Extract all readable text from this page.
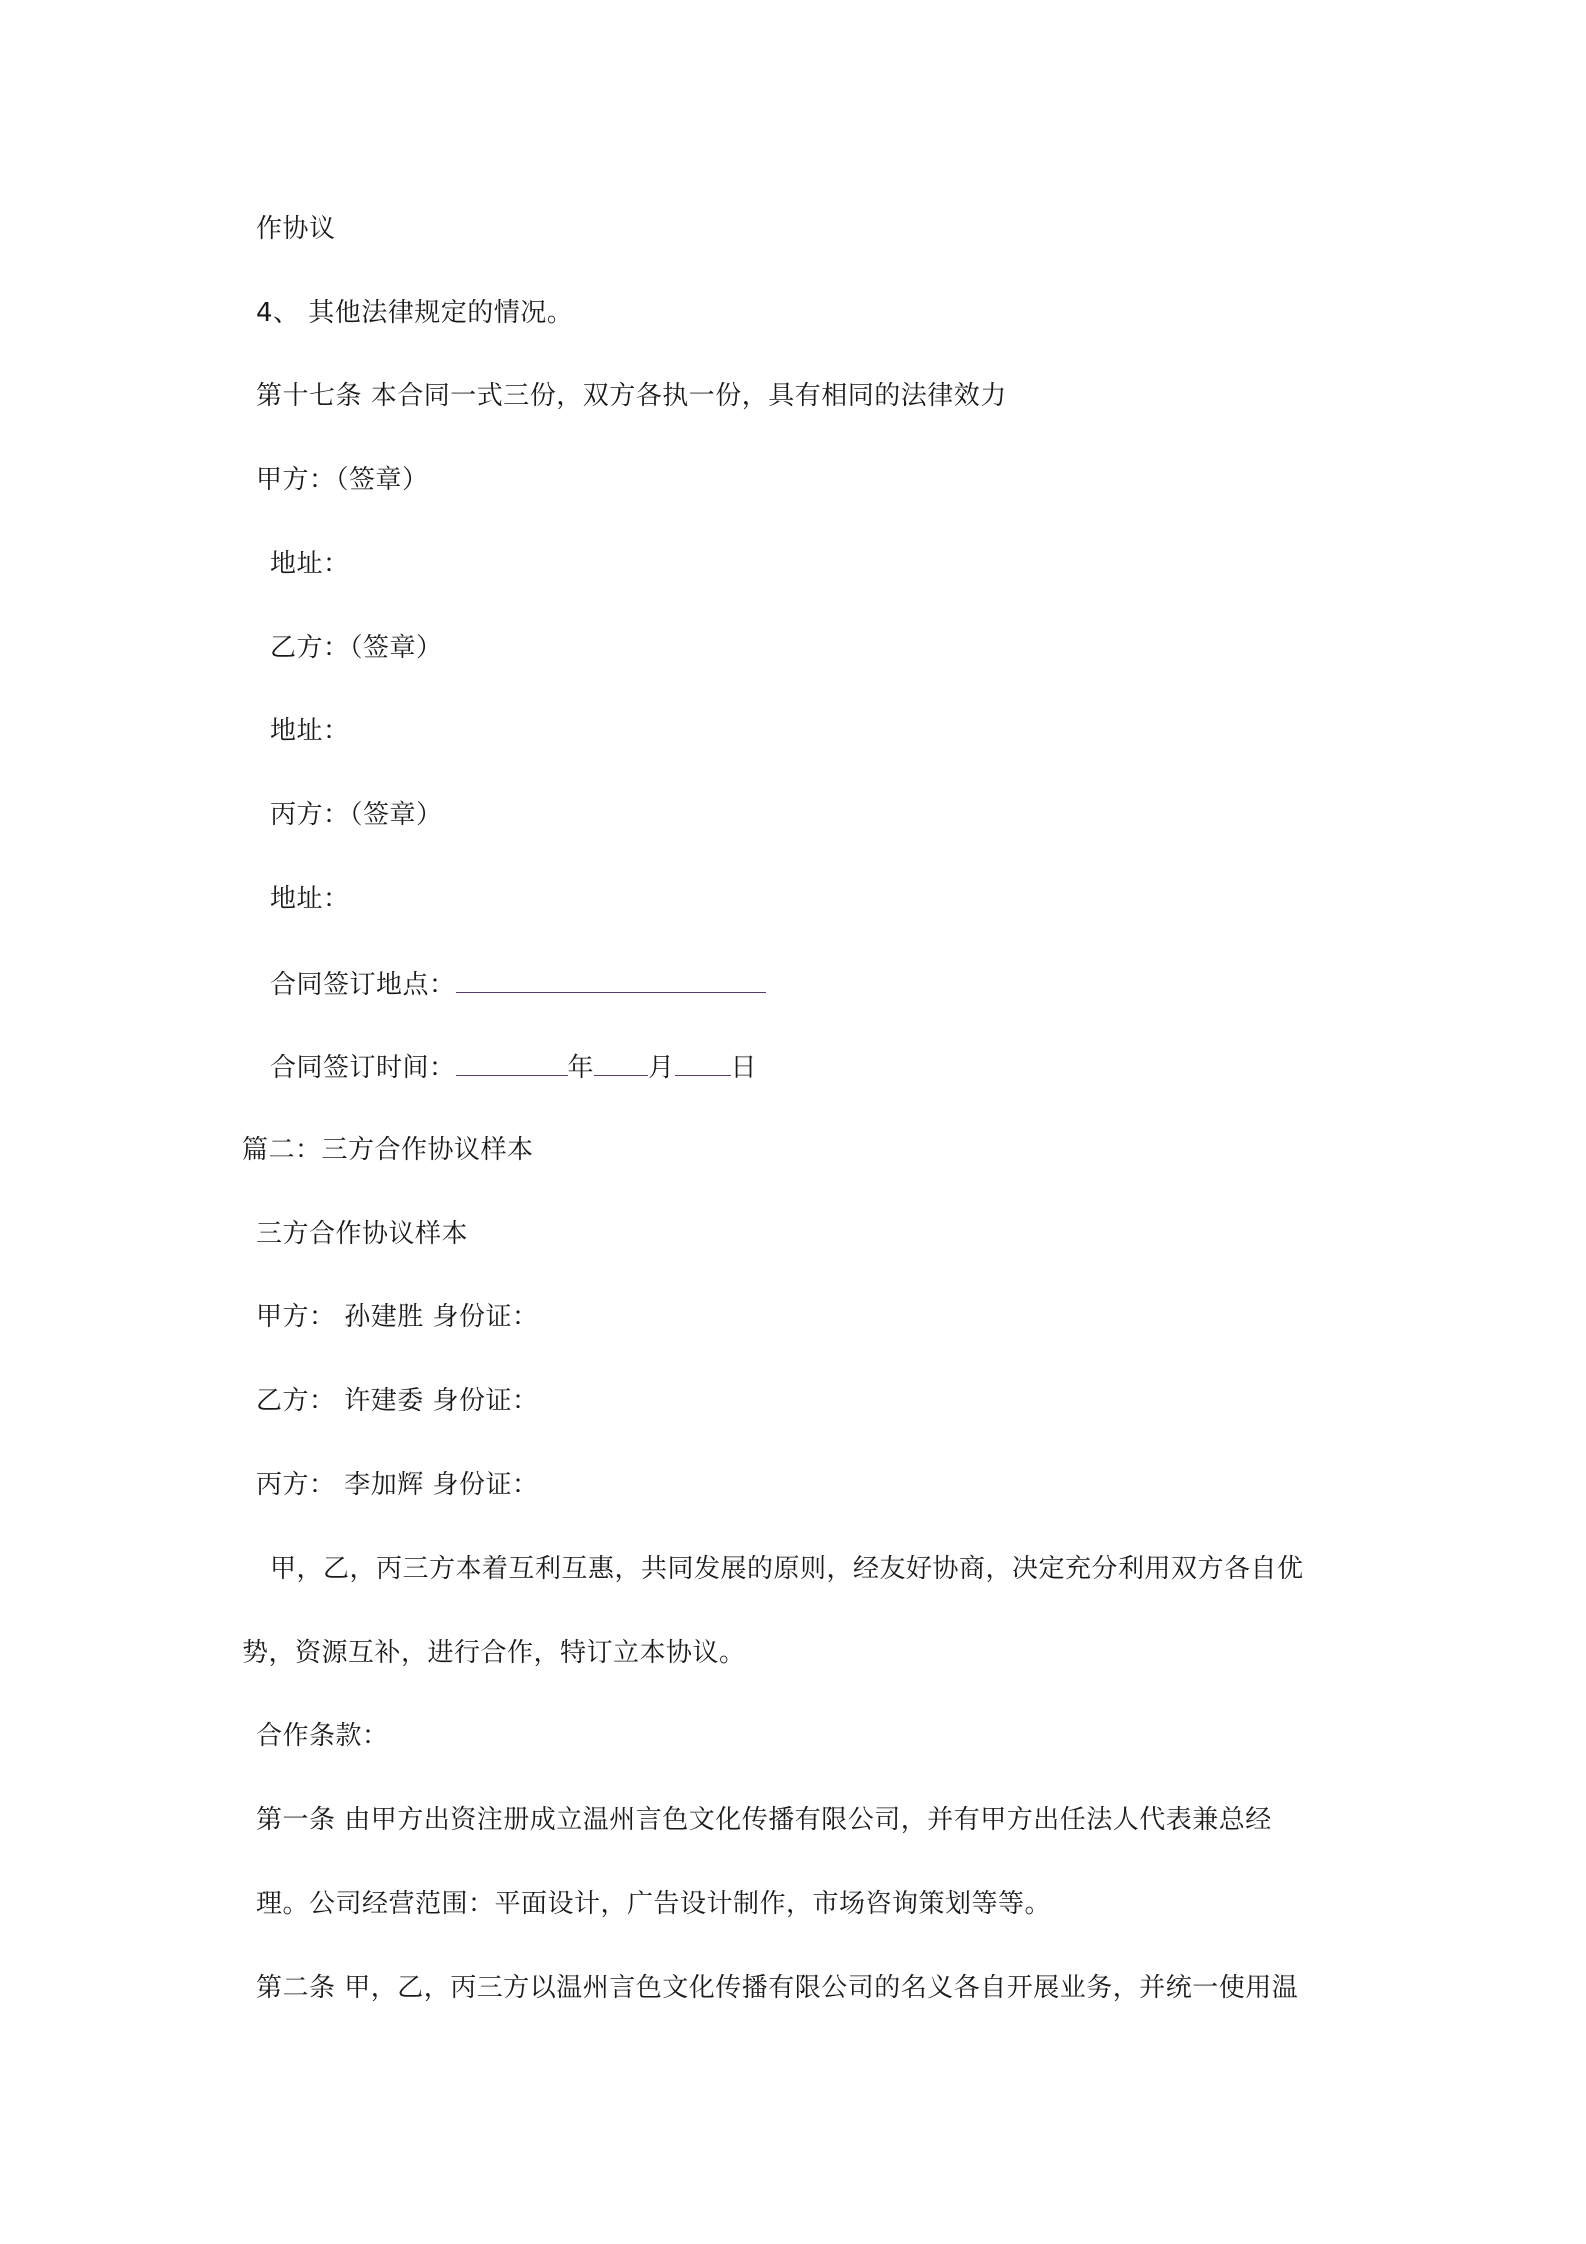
作协议
4、 其他法律规定的情况。
第十七条 本合同一式三份，双方各执一份，具有相同的法律效力
甲方：（签章）
地址：
乙方：（签章）
地址：
丙方：（签章）
地址：
合同签订地点：
合同签订时间：	年 月 日
篇二：三方合作协议样本
三方合作协议样本
甲方： 孙建胜 身份证：
乙方： 许建委 身份证：
丙方： 李加辉 身份证：
甲，乙，丙三方本着互利互惠，共同发展的原则，经友好协商，决定充分利用双方各自优
势，资源互补，进行合作，特订立本协议。
合作条款：
第一条 由甲方出资注册成立温州言色文化传播有限公司，并有甲方出任法人代表兼总经
理。公司经营范围：平面设计，广告设计制作，市场咨询策划等等。
第二条 甲，乙，丙三方以温州言色文化传播有限公司的名义各自开展业务，并统一使用温
